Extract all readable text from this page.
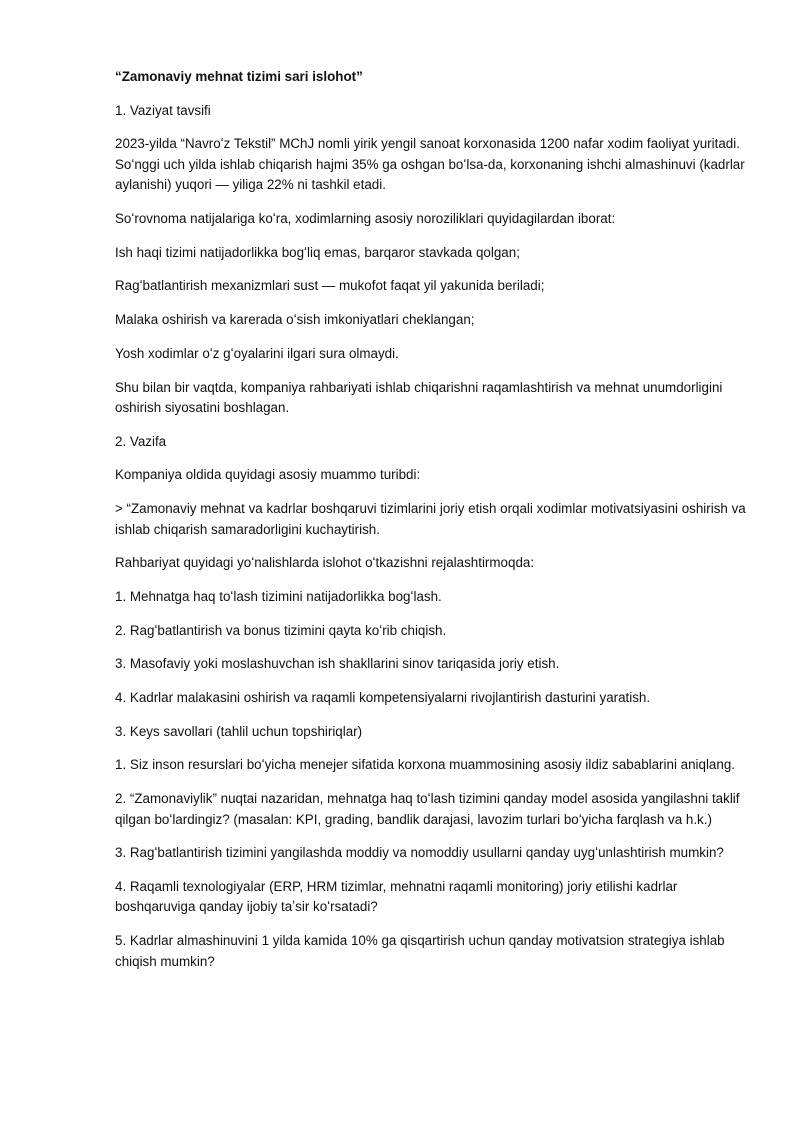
“Zamonaviy mehnat tizimi sari islohot”

1. Vaziyat tavsifi

2023-yilda “Navroʻz Tekstil” MChJ nomli yirik yengil sanoat korxonasida 1200 nafar xodim faoliyat yuritadi. Soʻnggi uch yilda ishlab chiqarish hajmi 35% ga oshgan boʻlsa-da, korxonaning ishchi almashinuvi (kadrlar aylanishi) yuqori — yiliga 22% ni tashkil etadi.

Soʻrovnoma natijalariga koʻra, xodimlarning asosiy noroziliklari quyidagilardan iborat:

Ish haqi tizimi natijadorlikka bogʻliq emas, barqaror stavkada qolgan;

Ragʻbatlantirish mexanizmlari sust — mukofot faqat yil yakunida beriladi;

Malaka oshirish va karerada oʻsish imkoniyatlari cheklangan;

Yosh xodimlar oʻz gʻoyalarini ilgari sura olmaydi.

Shu bilan bir vaqtda, kompaniya rahbariyati ishlab chiqarishni raqamlashtirish va mehnat unumdorligini oshirish siyosatini boshlagan.

2. Vazifa

Kompaniya oldida quyidagi asosiy muammo turibdi:

> “Zamonaviy mehnat va kadrlar boshqaruvi tizimlarini joriy etish orqali xodimlar motivatsiyasini oshirish va ishlab chiqarish samaradorligini kuchaytirish.

Rahbariyat quyidagi yoʻnalishlarda islohot oʻtkazishni rejalashtirmoqda:

1. Mehnatga haq toʻlash tizimini natijadorlikka bogʻlash.

2. Ragʻbatlantirish va bonus tizimini qayta koʻrib chiqish.

3. Masofaviy yoki moslashuvchan ish shakllarini sinov tariqasida joriy etish.

4. Kadrlar malakasini oshirish va raqamli kompetensiyalarni rivojlantirish dasturini yaratish.

3. Keys savollari (tahlil uchun topshiriqlar)

1. Siz inson resurslari boʻyicha menejer sifatida korxona muammosining asosiy ildiz sabablarini aniqlang.

2. “Zamonaviylik” nuqtai nazaridan, mehnatga haq toʻlash tizimini qanday model asosida yangilashni taklif qilgan boʻlardingiz? (masalan: KPI, grading, bandlik darajasi, lavozim turlari boʻyicha farqlash va h.k.)

3. Ragʻbatlantirish tizimini yangilashda moddiy va nomoddiy usullarni qanday uygʻunlashtirish mumkin?

4. Raqamli texnologiyalar (ERP, HRM tizimlar, mehnatni raqamli monitoring) joriy etilishi kadrlar boshqaruviga qanday ijobiy taʼsir koʻrsatadi?

5. Kadrlar almashinuvini 1 yilda kamida 10% ga qisqartirish uchun qanday motivatsion strategiya ishlab chiqish mumkin?
